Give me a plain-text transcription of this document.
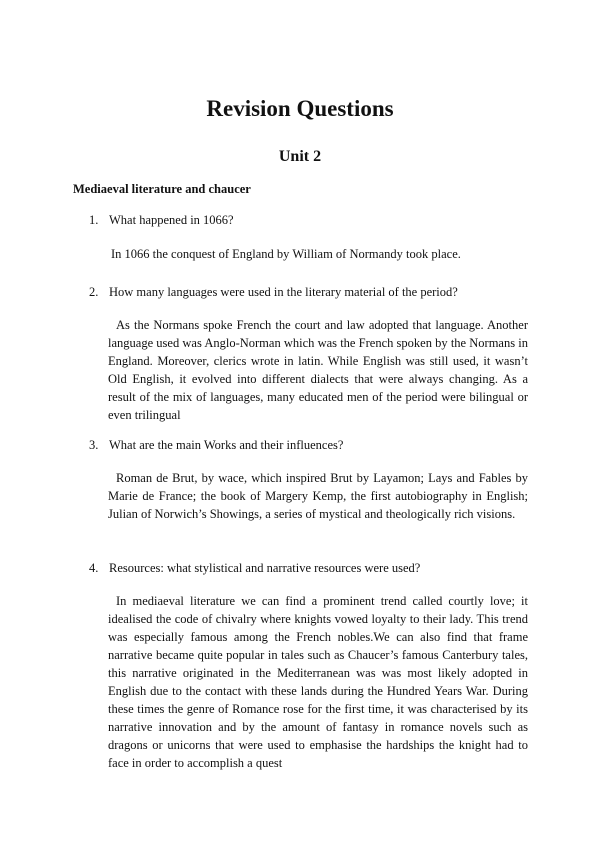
Revision Questions
Unit 2
Mediaeval literature and chaucer
1. What happened in 1066?

In 1066 the conquest of England by William of Normandy took place.

2. How many languages were used in the literary material of the period?

As the Normans spoke French the court and law adopted that language. Another language used was Anglo-Norman which was the French spoken by the Normans in England. Moreover, clerics wrote in latin. While English was still used, it wasn’t Old English, it evolved into different dialects that were always changing. As a result of the mix of languages, many educated men of the period were bilingual or even trilingual

3. What are the main Works and their influences?

Roman de Brut, by wace, which inspired Brut by Layamon; Lays and Fables by Marie de France; the book of Margery Kemp, the first autobiography in English; Julian of Norwich’s Showings, a series of mystical and theologically rich visions.

4. Resources: what stylistical and narrative resources were used?

In mediaeval literature we can find a prominent trend called courtly love; it idealised the code of chivalry where knights vowed loyalty to their lady. This trend was especially famous among the French nobles.We can also find that frame narrative became quite popular in tales such as Chaucer’s famous Canterbury tales, this narrative originated in the Mediterranean was was most likely adopted in English due to the contact with these lands during the Hundred Years War. During these times the genre of Romance rose for the first time, it was characterised by its narrative innovation and by the amount of fantasy in romance novels such as dragons or unicorns that were used to emphasise the hardships the knight had to face in order to accomplish a quest
